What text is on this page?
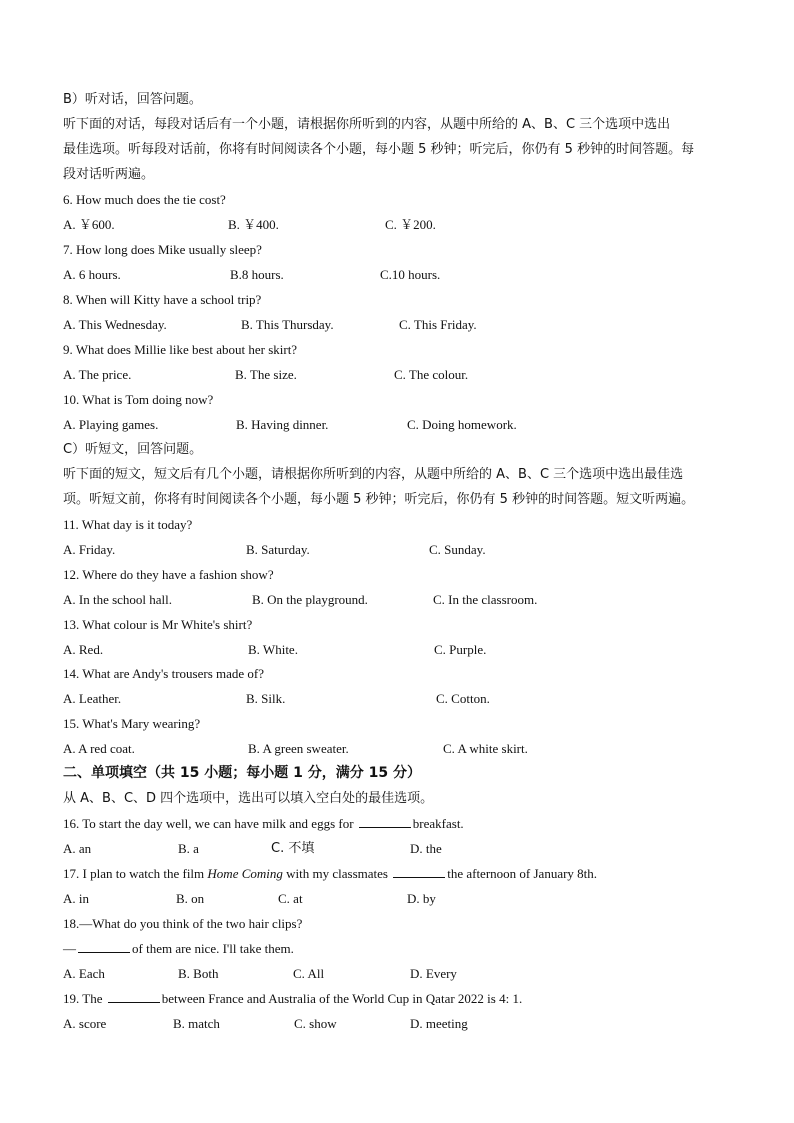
B）听对话，回答问题。
听下面的对话，每段对话后有一个小题，请根据你所听到的内容，从题中所给的 A、B、C 三个选项中选出
最佳选项。听每段对话前，你将有时间阅读各个小题，每小题 5 秒钟；听完后，你仍有 5 秒钟的时间答题。每
段对话听两遍。
6. How much does the tie cost?
A. ￥600.	B. ￥400.	C. ￥200.
7. How long does Mike usually sleep?
A. 6 hours.	B.8 hours.	C.10 hours.
8. When will Kitty have a school trip?
A. This Wednesday.	B. This Thursday.	C. This Friday.
9. What does Millie like best about her skirt?
A. The price.	B. The size.	C. The colour.
10. What is Tom doing now?
A. Playing games.	B. Having dinner.	C. Doing homework.
C）听短文，回答问题。
听下面的短文，短文后有几个小题，请根据你所听到的内容，从题中所给的 A、B、C 三个选项中选出最佳选
项。听短文前，你将有时间阅读各个小题，每小题 5 秒钟；听完后，你仍有 5 秒钟的时间答题。短文听两遍。
11. What day is it today?
A. Friday.	B. Saturday.	C. Sunday.
12. Where do they have a fashion show?
A. In the school hall.	B. On the playground.	C. In the classroom.
13. What colour is Mr White's shirt?
A. Red.	B. White.	C. Purple.
14. What are Andy's trousers made of?
A. Leather.	B. Silk.	C. Cotton.
15. What's Mary wearing?
A. A red coat.	B. A green sweater.	C. A white skirt.
二、单项填空（共 15 小题；每小题 1 分，满分 15 分）
从 A、B、C、D 四个选项中，选出可以填入空白处的最佳选项。
16. To start the day well, we can have milk and eggs for	breakfast.
A. an	B. a	C. 不填	D. the
17. I plan to watch the film Home Coming with my classmates	the afternoon of January 8th.
A. in	B. on	C. at	D. by
18.—What do you think of the two hair clips?
—	of them are nice. I'll take them.
A. Each	B. Both	C. All	D. Every
19. The	between France and Australia of the World Cup in Qatar 2022 is 4: 1.
A. score	B. match	C. show	D. meeting
